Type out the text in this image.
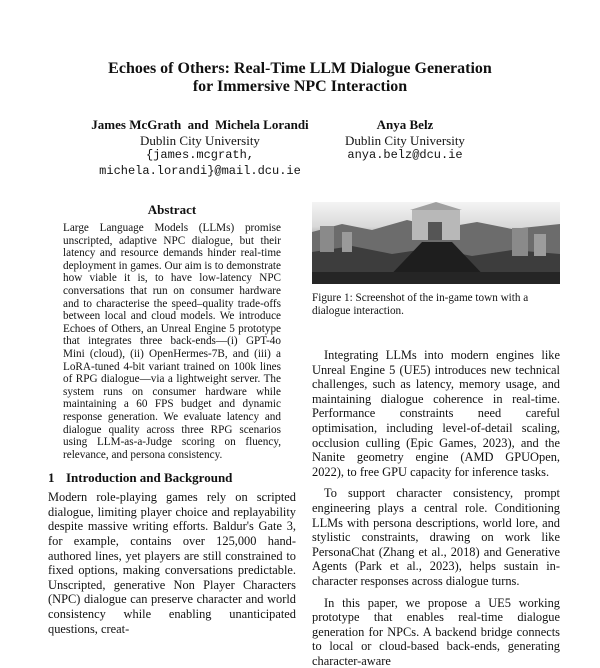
Echoes of Others: Real-Time LLM Dialogue Generation
for Immersive NPC Interaction
James McGrath  and  Michela Lorandi
Dublin City University
{james.mcgrath, michela.lorandi}@mail.dcu.ie
Anya Belz
Dublin City University
anya.belz@dcu.ie
Abstract

Large Language Models (LLMs) promise unscripted, adaptive NPC dialogue, but their latency and resource demands hinder real-time deployment in games. Our aim is to demonstrate how viable it is, to have low-latency NPC conversations that run on consumer hardware and to characterise the speed–quality trade-offs between local and cloud models. We introduce Echoes of Others, an Unreal Engine 5 prototype that integrates three back-ends—(i) GPT-4o Mini (cloud), (ii) OpenHermes-7B, and (iii) a LoRA-tuned 4-bit variant trained on 100k lines of RPG dialogue—via a lightweight server. The system runs on consumer hardware while maintaining a 60 FPS budget and dynamic response generation. We evaluate latency and dialogue quality across three RPG scenarios using LLM-as-a-Judge scoring on fluency, relevance, and persona consistency.

1 Introduction and Background

Modern role-playing games rely on scripted dialogue, limiting player choice and replayability despite massive writing efforts. Baldur's Gate 3, for example, contains over 125,000 hand-authored lines, yet players are still constrained to fixed options, making conversations predictable. Unscripted, generative Non Player Characters (NPC) dialogue can preserve character and world consistency while enabling unanticipated questions, creat-

Figure 1: Screenshot of the in-game town with a dialogue interaction.

Integrating LLMs into modern engines like Unreal Engine 5 (UE5) introduces new technical challenges, such as latency, memory usage, and maintaining dialogue coherence in real-time. Performance constraints need careful optimisation, including level-of-detail scaling, occlusion culling (Epic Games, 2023), and the Nanite geometry engine (AMD GPUOpen, 2022), to free GPU capacity for inference tasks.

To support character consistency, prompt engineering plays a central role. Conditioning LLMs with persona descriptions, world lore, and stylistic constraints, drawing on work like PersonaChat (Zhang et al., 2018) and Generative Agents (Park et al., 2023), helps sustain in-character responses across dialogue turns.

In this paper, we propose a UE5 working prototype that enables real-time dialogue generation for NPCs. A backend bridge connects to local or cloud-based back-ends, generating character-aware
